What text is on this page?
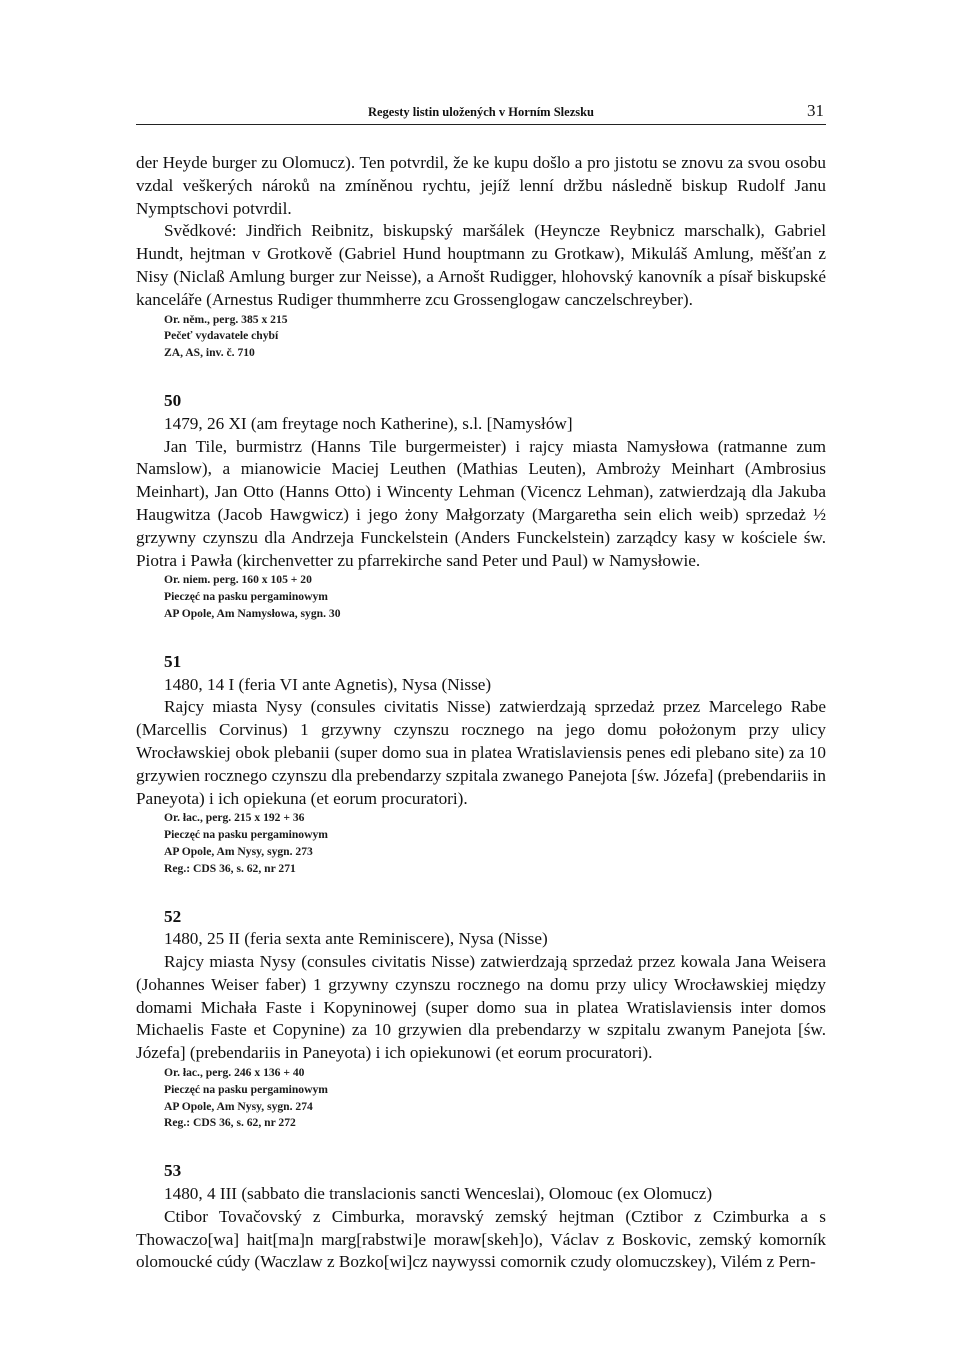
Regesty listin uložených v Horním Slezsku	31

der Heyde burger zu Olomucz). Ten potvrdil, že ke kupu došlo a pro jistotu se znovu za svou osobu vzdal veškerých nároků na zmíněnou rychtu, jejíž lenní držbu následně biskup Rudolf Janu Nymptschovi potvrdil.

Svědkové: Jindřich Reibnitz, biskupský maršálek (Heyncze Reybnicz marschalk), Gabriel Hundt, hejtman v Grotkově (Gabriel Hund houptmann zu Grotkaw), Mikuláš Amlung, měšťan z Nisy (Niclaß Amlung burger zur Neisse), a Arnošt Rudigger, hlohovský kanovník a písař biskupské kanceláře (Arnestus Rudiger thummherre zcu Grossenglogaw canczelschreyber).

Or. něm., perg. 385 x 215

Pečeť vydavatele chybí

ZA, AS, inv. č. 710

50
1479, 26 XI (am freytage noch Katherine), s.l. [Namysłów]

Jan Tile, burmistrz (Hanns Tile burgermeister) i rajcy miasta Namysłowa (ratmanne zum Namslow), a mianowicie Maciej Leuthen (Mathias Leuten), Ambroży Meinhart (Ambrosius Meinhart), Jan Otto (Hanns Otto) i Wincenty Lehman (Vicencz Lehman), zatwierdzają dla Jakuba Haugwitza (Jacob Hawgwicz) i jego żony Małgorzaty (Margaretha sein elich weib) sprzedaż ½ grzywny czynszu dla Andrzeja Funckelstein (Anders Funckelstein) zarządcy kasy w kościele św. Piotra i Pawła (kirchenvetter zu pfarrekirche sand Peter und Paul) w Namysłowie.

Or. niem. perg. 160 x 105 + 20

Pieczęć na pasku pergaminowym

AP Opole, Am Namysłowa, sygn. 30

51
1480, 14 I (feria VI ante Agnetis), Nysa (Nisse)

Rajcy miasta Nysy (consules civitatis Nisse) zatwierdzają sprzedaż przez Marcelego Rabe (Marcellis Corvinus) 1 grzywny czynszu rocznego na jego domu położonym przy ulicy Wrocławskiej obok plebanii (super domo sua in platea Wratislaviensis penes edi plebano site) za 10 grzywien rocznego czynszu dla prebendarzy szpitala zwanego Panejota [św. Józefa] (prebendariis in Paneyota) i ich opiekuna (et eorum procuratori).

Or. łac., perg. 215 x 192 + 36

Pieczęć na pasku pergaminowym

AP Opole, Am Nysy, sygn. 273

Reg.: CDS 36, s. 62, nr 271

52
1480, 25 II (feria sexta ante Reminiscere), Nysa (Nisse)

Rajcy miasta Nysy (consules civitatis Nisse) zatwierdzają sprzedaż przez kowala Jana Weisera (Johannes Weiser faber) 1 grzywny czynszu rocznego na domu przy ulicy Wrocławskiej między domami Michała Faste i Kopyninowej (super domo sua in platea Wratislaviensis inter domos Michaelis Faste et Copynine) za 10 grzywien dla prebendarzy w szpitalu zwanym Panejota [św. Józefa] (prebendariis in Paneyota) i ich opiekunowi (et eorum procuratori).

Or. łac., perg. 246 x 136 + 40

Pieczęć na pasku pergaminowym

AP Opole, Am Nysy, sygn. 274

Reg.: CDS 36, s. 62, nr 272

53
1480, 4 III (sabbato die translacionis sancti Wenceslai), Olomouc (ex Olomucz)

Ctibor Tovačovský z Cimburka, moravský zemský hejtman (Cztibor z Czimburka a s Thowaczo[wa] hait[ma]n marg[rabstwi]e moraw[skeh]o), Václav z Boskovic, zemský komorník olomoucké cúdy (Waczlaw z Bozko[wi]cz naywyssi comornik czudy olomuczskey), Vilém z Pern-
